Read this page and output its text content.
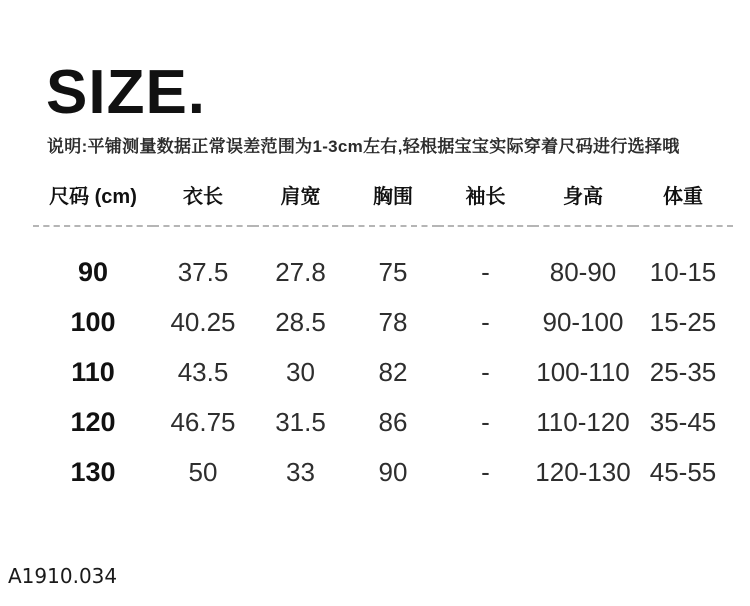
SIZE.

说明:平铺测量数据正常误差范围为1-3cm左右,轻根据宝宝实际穿着尺码进行选择哦

尺码 (cm)	衣长	肩宽	胸围	袖长	身高	体重
90	37.5	27.8	75	-	80-90	10-15
100	40.25	28.5	78	-	90-100	15-25
110	43.5	30	82	-	100-110	25-35
120	46.75	31.5	86	-	110-120	35-45
130	50	33	90	-	120-130	45-55
A1910.034
